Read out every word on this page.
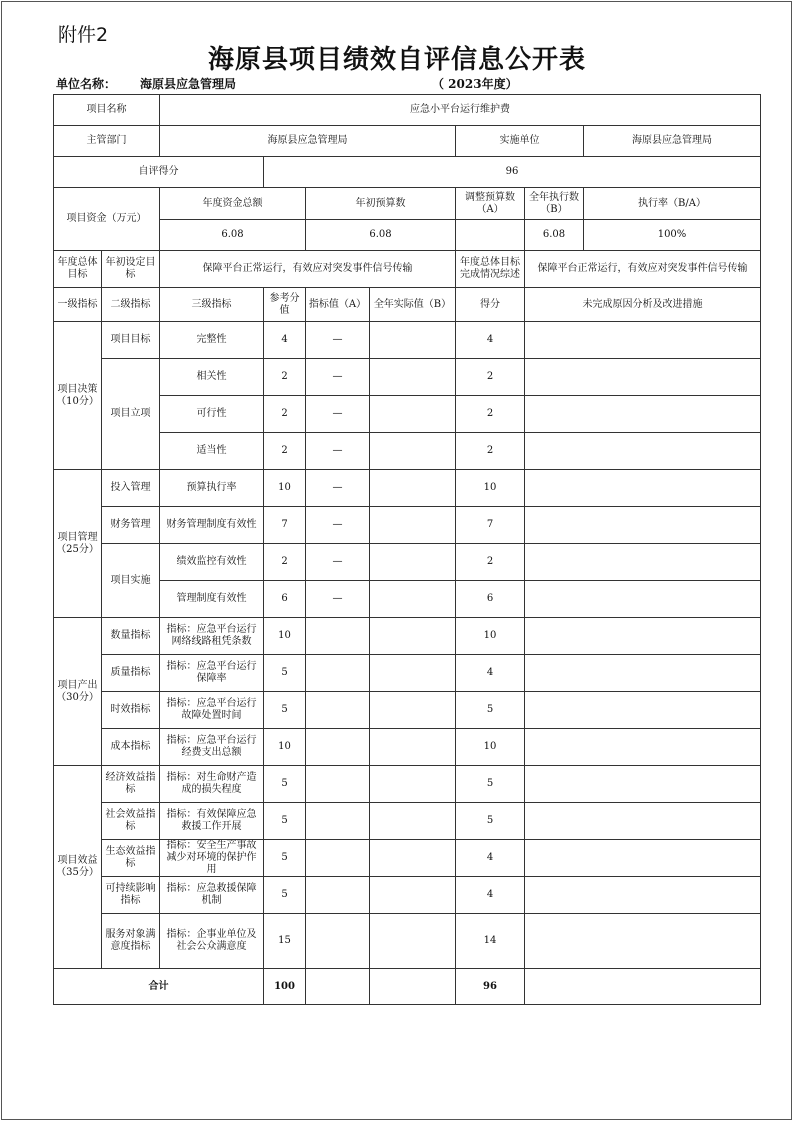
附件2
海原县项目绩效自评信息公开表
单位名称： 海原县应急管理局	（ 2023年度）
项目名称		应急小平台运行维护费						
主管部门		海原县应急管理局				实施单位		海原县应急管理局
自评得分			96					
项目资金（万元）		年度资金总额		年初预算数		调整预算数（A）	全年执行数（B）	执行率（B/A）
		6.08		6.08			6.08	100%
年度总体目标	年初设定目标	保障平台正常运行，有效应对突发事件信号传输				年度总体目标完成情况综述	保障平台正常运行，有效应对突发事件信号传输	
一级指标	二级指标	三级指标	参考分值	指标值（A）	全年实际值（B）	得分	未完成原因分析及改进措施	
项目决策（10分）	项目目标	完整性	4	—		4		
	项目立项	相关性	2	—		2		
		可行性	2	—		2		
		适当性	2	—		2		
项目管理（25分）	投入管理	预算执行率	10	—		10		
	财务管理	财务管理制度有效性	7	—		7		
	项目实施	绩效监控有效性	2	—		2		
		管理制度有效性	6	—		6		
项目产出（30分）	数量指标	指标：应急平台运行网络线路租凭条数	10			10		
	质量指标	指标：应急平台运行保障率	5			4		
	时效指标	指标：应急平台运行故障处置时间	5			5		
	成本指标	指标：应急平台运行经费支出总额	10			10		
项目效益（35分）	经济效益指标	指标：对生命财产造成的损失程度	5			5		
	社会效益指标	指标：有效保障应急救援工作开展	5			5		
	生态效益指标	指标：安全生产事故减少对环境的保护作用	5			4		
	可持续影响指标	指标：应急救援保障机制	5			4		
	服务对象满意度指标	指标：企事业单位及社会公众满意度	15			14		
合计			100			96		
